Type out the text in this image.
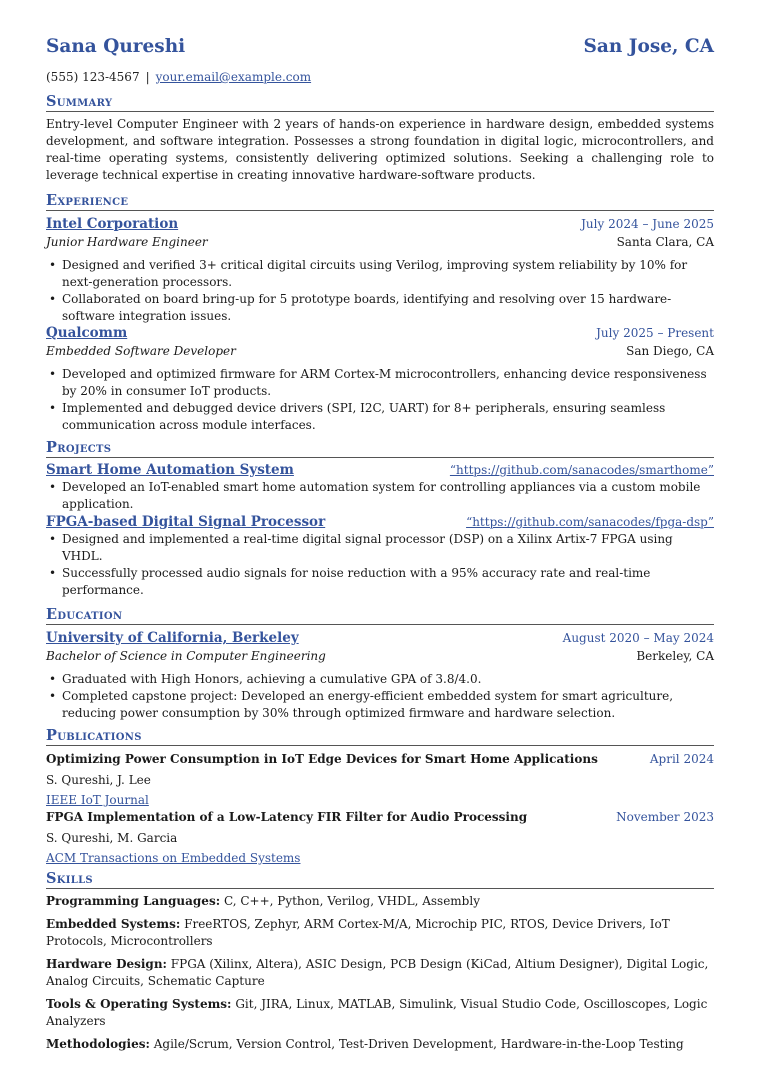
Sana Qureshi	San Jose, CA
(555) 123-4567 | your.email@example.com
Summary

Entry-level Computer Engineer with 2 years of hands-on experience in hardware design, embedded systems development, and software integration. Possesses a strong foundation in digital logic, microcontrollers, and real-time operating systems, consistently delivering optimized solutions. Seeking a challenging role to leverage technical expertise in creating innovative hardware-software products.

Experience
Intel Corporation	July 2024 – June 2025
Junior Hardware Engineer	Santa Clara, CA
• Designed and verified 3+ critical digital circuits using Verilog, improving system reliability by 10% for next-generation processors.
• Collaborated on board bring-up for 5 prototype boards, identifying and resolving over 15 hardware-software integration issues.
Qualcomm	July 2025 – Present
Embedded Software Developer	San Diego, CA
• Developed and optimized firmware for ARM Cortex-M microcontrollers, enhancing device responsiveness by 20% in consumer IoT products.
• Implemented and debugged device drivers (SPI, I2C, UART) for 8+ peripherals, ensuring seamless communication across module interfaces.
Projects
Smart Home Automation System	“https://github.com/sanacodes/smarthome”
• Developed an IoT-enabled smart home automation system for controlling appliances via a custom mobile application.
FPGA-based Digital Signal Processor	“https://github.com/sanacodes/fpga-dsp”
• Designed and implemented a real-time digital signal processor (DSP) on a Xilinx Artix-7 FPGA using VHDL.
• Successfully processed audio signals for noise reduction with a 95% accuracy rate and real-time performance.
Education
University of California, Berkeley	August 2020 – May 2024
Bachelor of Science in Computer Engineering	Berkeley, CA
• Graduated with High Honors, achieving a cumulative GPA of 3.8/4.0.
• Completed capstone project: Developed an energy-efficient embedded system for smart agriculture, reducing power consumption by 30% through optimized firmware and hardware selection.
Publications
Optimizing Power Consumption in IoT Edge Devices for Smart Home Applications	April 2024
S. Qureshi, J. Lee
IEEE IoT Journal
FPGA Implementation of a Low-Latency FIR Filter for Audio Processing	November 2023
S. Qureshi, M. Garcia
ACM Transactions on Embedded Systems
Skills
Programming Languages: C, C++, Python, Verilog, VHDL, Assembly
Embedded Systems: FreeRTOS, Zephyr, ARM Cortex-M/A, Microchip PIC, RTOS, Device Drivers, IoT Protocols, Microcontrollers
Hardware Design: FPGA (Xilinx, Altera), ASIC Design, PCB Design (KiCad, Altium Designer), Digital Logic, Analog Circuits, Schematic Capture
Tools & Operating Systems: Git, JIRA, Linux, MATLAB, Simulink, Visual Studio Code, Oscilloscopes, Logic Analyzers
Methodologies: Agile/Scrum, Version Control, Test-Driven Development, Hardware-in-the-Loop Testing
